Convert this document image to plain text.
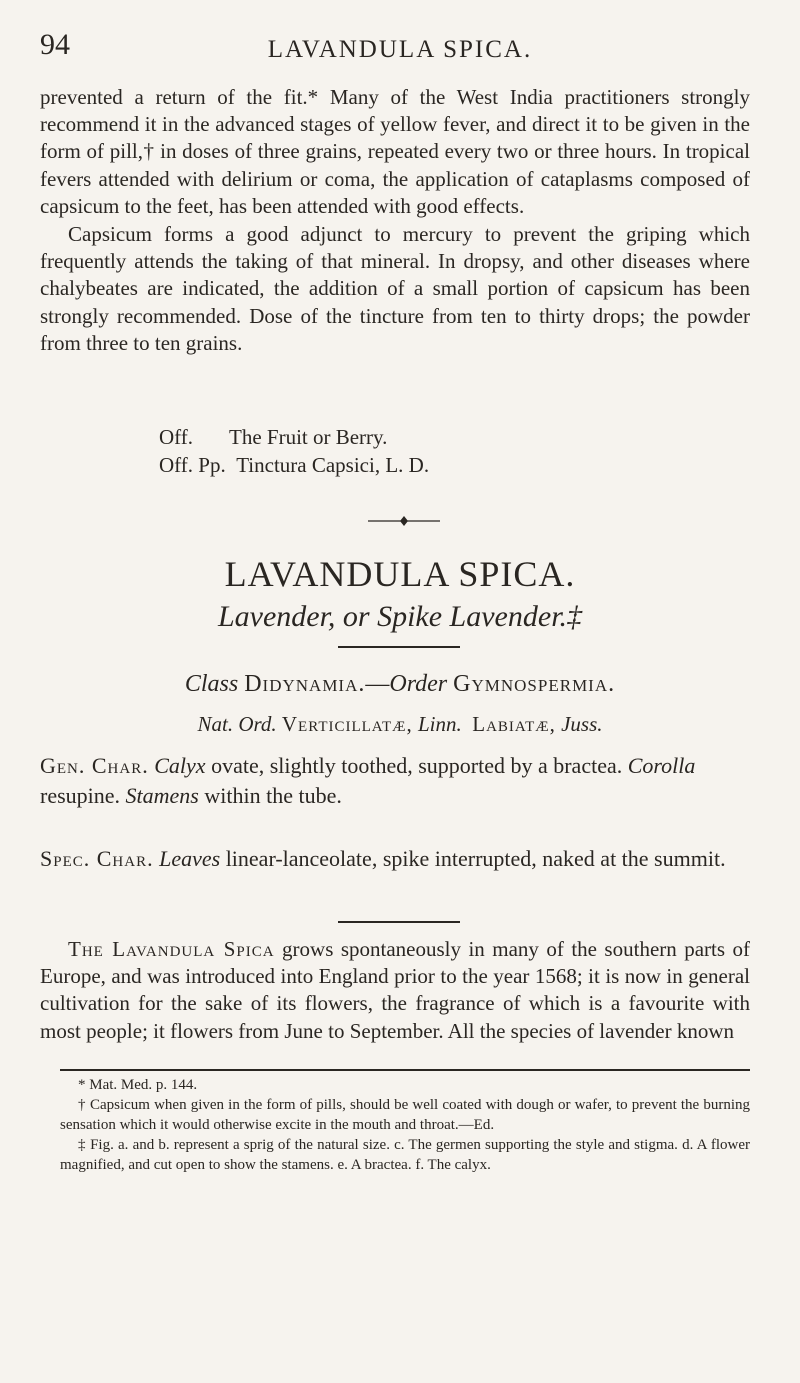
94	LAVANDULA SPICA.

prevented a return of the fit.* Many of the West India practitioners strongly recommend it in the advanced stages of yellow fever, and direct it to be given in the form of pill,† in doses of three grains, repeated every two or three hours. In tropical fevers attended with delirium or coma, the application of cataplasms composed of capsicum to the feet, has been attended with good effects.

Capsicum forms a good adjunct to mercury to prevent the griping which frequently attends the taking of that mineral. In dropsy, and other diseases where chalybeates are indicated, the addition of a small portion of capsicum has been strongly recommended. Dose of the tincture from ten to thirty drops; the powder from three to ten grains.

Off. The Fruit or Berry.
Off. Pp. Tinctura Capsici, L. D.
LAVANDULA SPICA.
Lavender, or Spike Lavender.‡
Class Didynamia.—Order Gymnospermia.
Nat. Ord. Verticillatæ, Linn. Labiatæ, Juss.
Gen. Char. Calyx ovate, slightly toothed, supported by a bractea. Corolla resupine. Stamens within the tube.
Spec. Char. Leaves linear-lanceolate, spike interrupted, naked at the summit.

The Lavandula Spica grows spontaneously in many of the southern parts of Europe, and was introduced into England prior to the year 1568; it is now in general cultivation for the sake of its flowers, the fragrance of which is a favourite with most people; it flowers from June to September. All the species of lavender known

* Mat. Med. p. 144.

† Capsicum when given in the form of pills, should be well coated with dough or wafer, to prevent the burning sensation which it would otherwise excite in the mouth and throat.—Ed.

‡ Fig. a. and b. represent a sprig of the natural size. c. The germen supporting the style and stigma. d. A flower magnified, and cut open to show the stamens. e. A bractea. f. The calyx.
